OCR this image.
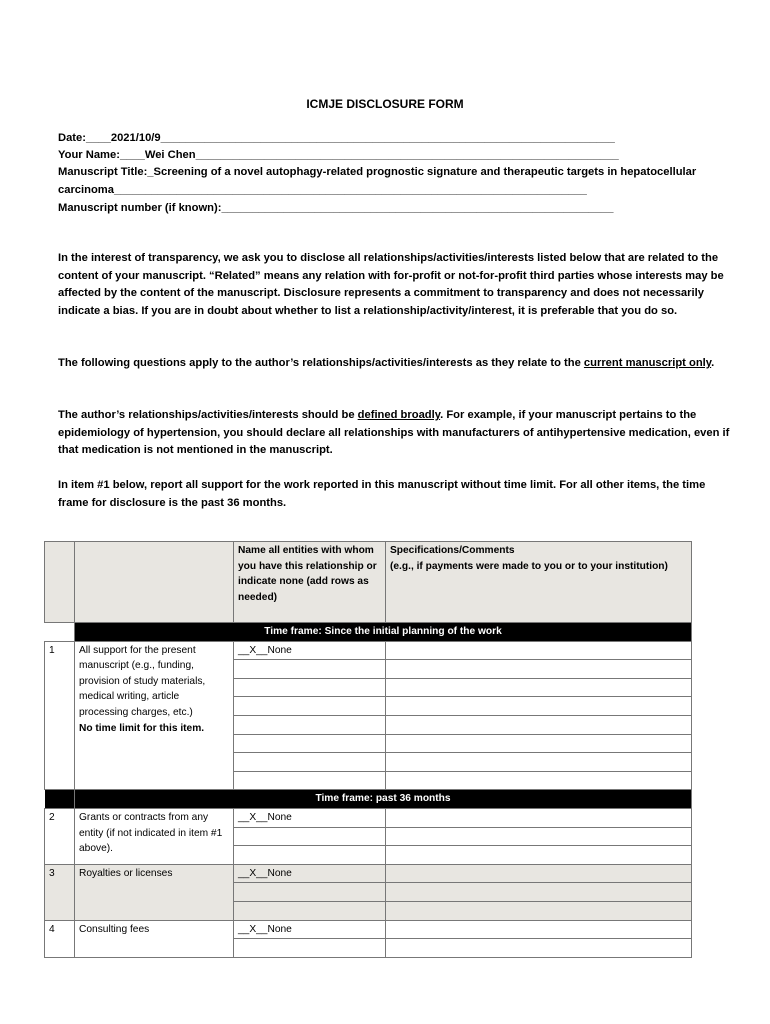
ICMJE DISCLOSURE FORM
Date:____2021/10/9_________________________________________________________________________
Your Name:____Wei Chen____________________________________________________________________
Manuscript Title:_Screening of a novel autophagy-related prognostic signature and therapeutic targets in hepatocellular
carcinoma____________________________________________________________________________
Manuscript number (if known):_______________________________________________________________
In the interest of transparency, we ask you to disclose all relationships/activities/interests listed below that are related to the content of your manuscript. “Related” means any relation with for-profit or not-for-profit third parties whose interests may be affected by the content of the manuscript. Disclosure represents a commitment to transparency and does not necessarily indicate a bias. If you are in doubt about whether to list a relationship/activity/interest, it is preferable that you do so.
The following questions apply to the author’s relationships/activities/interests as they relate to the current manuscript only.
The author’s relationships/activities/interests should be defined broadly. For example, if your manuscript pertains to the epidemiology of hypertension, you should declare all relationships with manufacturers of antihypertensive medication, even if that medication is not mentioned in the manuscript.
In item #1 below, report all support for the work reported in this manuscript without time limit. For all other items, the time frame for disclosure is the past 36 months.
		Name all entities with whom you have this relationship or indicate none (add rows as needed)	Specifications/Comments
(e.g., if payments were made to you or to your institution)

	Time frame: Since the initial planning of the work		
1	All support for the present manuscript (e.g., funding, provision of study materials, medical writing, article processing charges, etc.)
No time limit for this item.	__X__None	

	Time frame: past 36 months		
2	Grants or contracts from any entity (if not indicated in item #1 above).	__X__None	

3	Royalties or licenses	__X__None	

4	Consulting fees	__X__None	
